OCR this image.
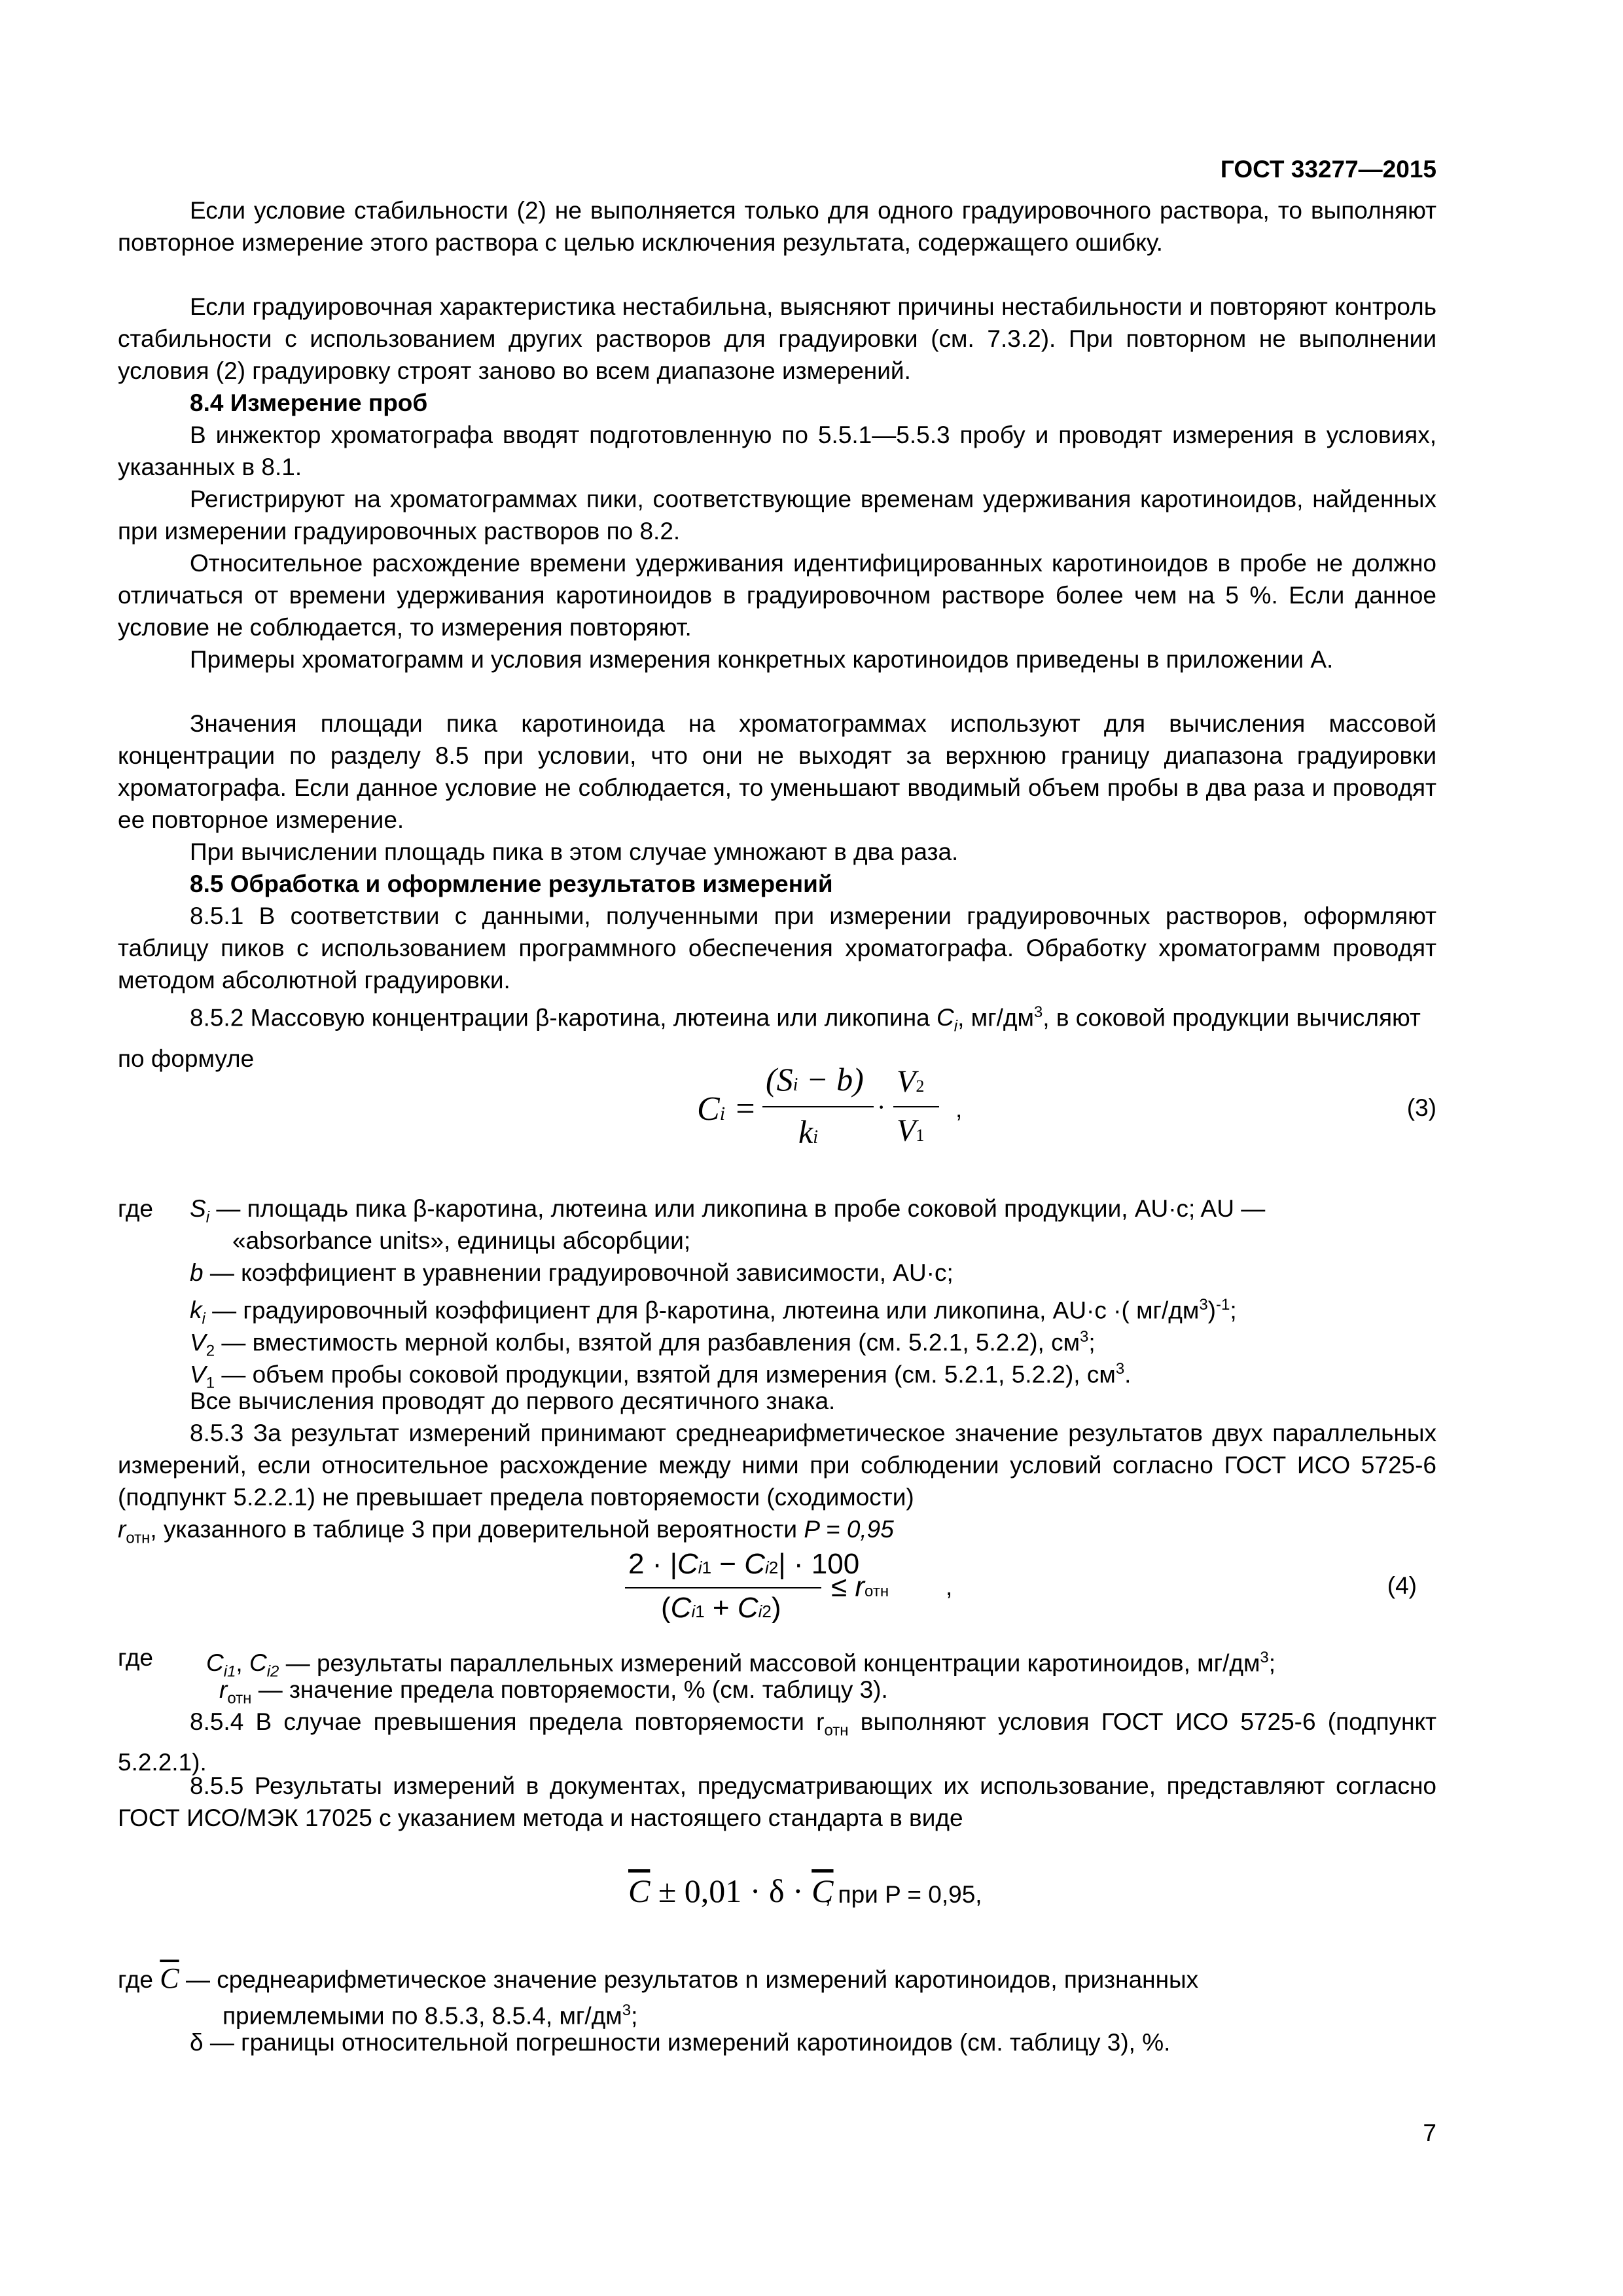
ГОСТ 33277—2015
Если условие стабильности (2) не выполняется только для одного градуировочного раствора, то выполняют повторное измерение этого раствора с целью исключения результата, содержащего ошибку.
Если градуировочная характеристика нестабильна, выясняют причины нестабильности и повторяют контроль стабильности с использованием других растворов для градуировки (см. 7.3.2). При повторном не выполнении условия (2) градуировку строят заново во всем диапазоне измерений.
8.4 Измерение проб
В инжектор хроматографа вводят подготовленную по 5.5.1—5.5.3 пробу и проводят измерения в условиях, указанных в 8.1.
Регистрируют на хроматограммах пики, соответствующие временам удерживания каротиноидов, найденных при измерении градуировочных растворов по 8.2.
Относительное расхождение времени удерживания идентифицированных каротиноидов в пробе не должно отличаться от времени удерживания каротиноидов в градуировочном растворе более чем на 5 %. Если данное условие не соблюдается, то измерения повторяют.
Примеры хроматограмм и условия измерения конкретных каротиноидов приведены в приложении А.
Значения площади пика каротиноида на хроматограммах используют для вычисления массовой концентрации по разделу 8.5 при условии, что они не выходят за верхнюю границу диапазона градуировки хроматографа. Если данное условие не соблюдается, то уменьшают вводимый объем пробы в два раза и проводят ее повторное измерение.
При вычислении площадь пика в этом случае умножают в два раза.
8.5 Обработка и оформление результатов измерений
8.5.1 В соответствии с данными, полученными при измерении градуировочных растворов, оформляют таблицу пиков с использованием программного обеспечения хроматографа. Обработку хроматограмм проводят методом абсолютной градуировки.
8.5.2 Массовую концентрации β-каротина, лютеина или ликопина $C_i$, $мг/дм^3$, в соковой продукции вычисляют по формуле
Ci =
(Si − b)
ki
·
V2
V1
,	(3)
где $S_i$ — площадь пика β-каротина, лютеина или ликопина в пробе соковой продукции, AU·c; AU —
«absorbance units», единицы абсорбции;
b — коэффициент в уравнении градуировочной зависимости, AU·c;
$k_i$ — градуировочный коэффициент для β-каротина, лютеина или ликопина, AU·c ·( $мг/дм^3)^{-1}$;
$V_2$ — вместимость мерной колбы, взятой для разбавления (см. 5.2.1, 5.2.2), $см^3$;
$V_1$ — объем пробы соковой продукции, взятой для измерения (см. 5.2.1, 5.2.2), $см^3$.
Все вычисления проводят до первого десятичного знака.
8.5.3 За результат измерений принимают среднеарифметическое значение результатов двух параллельных измерений, если относительное расхождение между ними при соблюдении условий согласно ГОСТ ИСО 5725-6 (подпункт 5.2.2.1) не превышает предела повторяемости (сходимости)
$r_{отн}$, указанного в таблице 3 при доверительной вероятности P = 0,95
2 · |Ci1 − Ci2| · 100
(Ci1 + Ci2)
≤ rотн ,	(4)
где $C_{i1}$, $C_{i2}$ — результаты параллельных измерений массовой концентрации каротиноидов, $мг/дм^3$;
$r_{отн}$ — значение предела повторяемости, % (см. таблицу 3).
8.5.4 В случае превышения предела повторяемости $r_{отн}$ выполняют условия ГОСТ ИСО 5725-6 (подпункт 5.2.2.1).
8.5.5 Результаты измерений в документах, предусматривающих их использование, представляют согласно ГОСТ ИСО/МЭК 17025 с указанием метода и настоящего стандарта в виде
$\overline{C} \pm 0,01 \cdot \delta \cdot \overline{C}$
, при P = 0,95,
где $\overline{C}$ — среднеарифметическое значение результатов n измерений каротиноидов, признанных
приемлемыми по 8.5.3, 8.5.4, $мг/дм^3$;
δ — границы относительной погрешности измерений каротиноидов (см. таблицу 3), %.
7
